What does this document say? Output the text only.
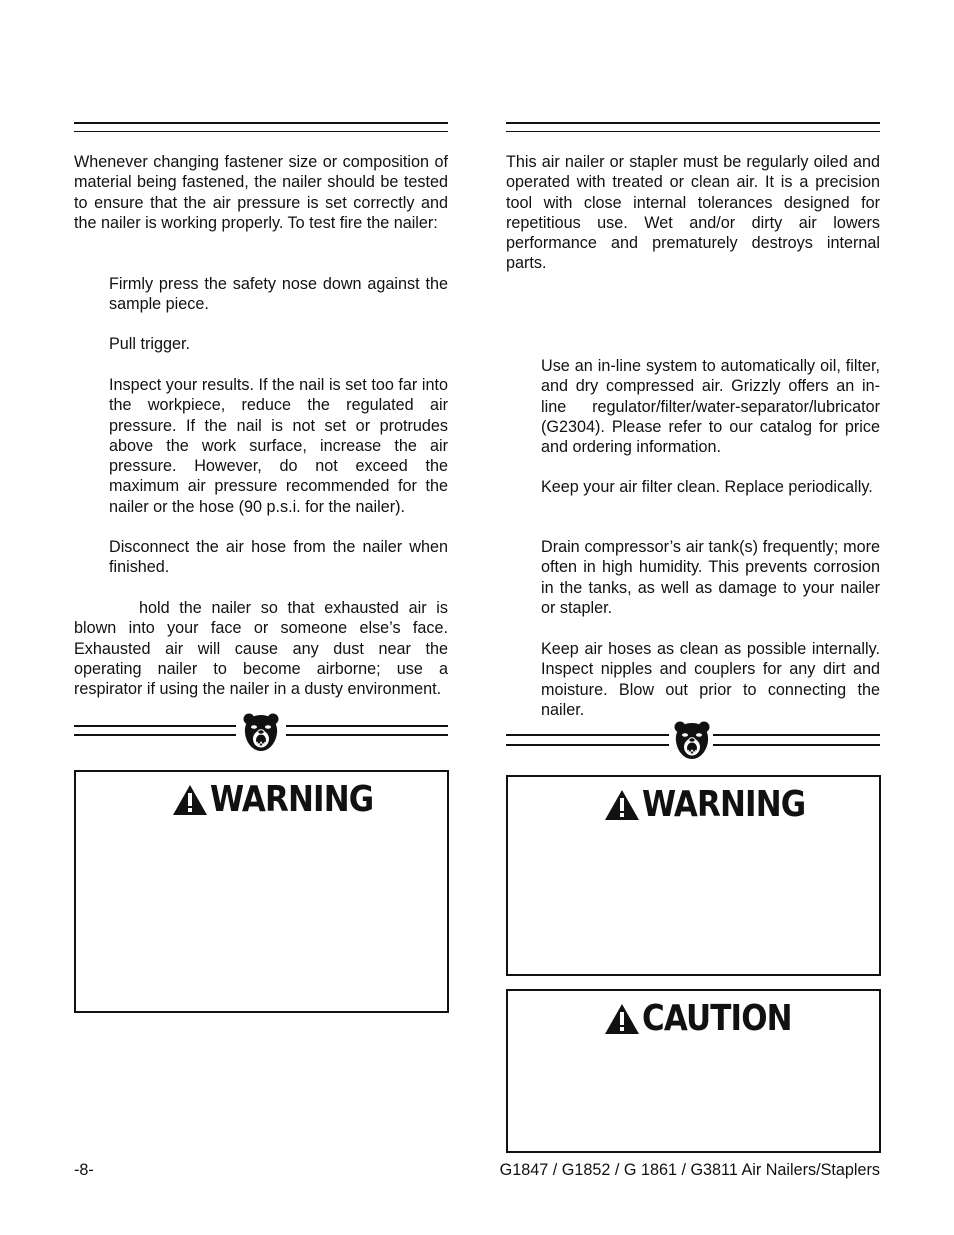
Whenever changing fastener size or composition of material being fastened, the nailer should be tested to ensure that the air pressure is set correctly and the nailer is working properly. To test fire the nailer:

Firmly press the safety nose down against the sample piece.

Pull trigger.

Inspect your results. If the nail is set too far into the workpiece, reduce the regulated air pressure. If the nail is not set or protrudes above the work surface, increase the air pressure. However, do not exceed the maximum air pressure recommended for the nailer or the hose (90 p.s.i. for the nailer).

Disconnect the air hose from the nailer when finished.

hold the nailer so that exhausted air is blown into your face or someone else’s face. Exhausted air will cause any dust near the operating nailer to become airborne; use a respirator if using the nailer in a dusty environment.

WARNING

This air nailer or stapler must be regularly oiled and operated with treated or clean air. It is a precision tool with close internal tolerances designed for repetitious use. Wet and/or dirty air lowers performance and prematurely destroys internal parts.

Use an in-line system to automatically oil, filter, and dry compressed air. Grizzly offers an in-line regulator/filter/water-separator/lubricator (G2304). Please refer to our catalog for price and ordering information.

Keep your air filter clean. Replace periodically.

Drain compressor’s air tank(s) frequently; more often in high humidity. This prevents corrosion in the tanks, as well as damage to your nailer or stapler.

Keep air hoses as clean as possible internally. Inspect nipples and couplers for any dirt and moisture. Blow out prior to connecting the nailer.

WARNING
CAUTION
-8-	G1847 / G1852 / G 1861 / G3811 Air Nailers/Staplers
